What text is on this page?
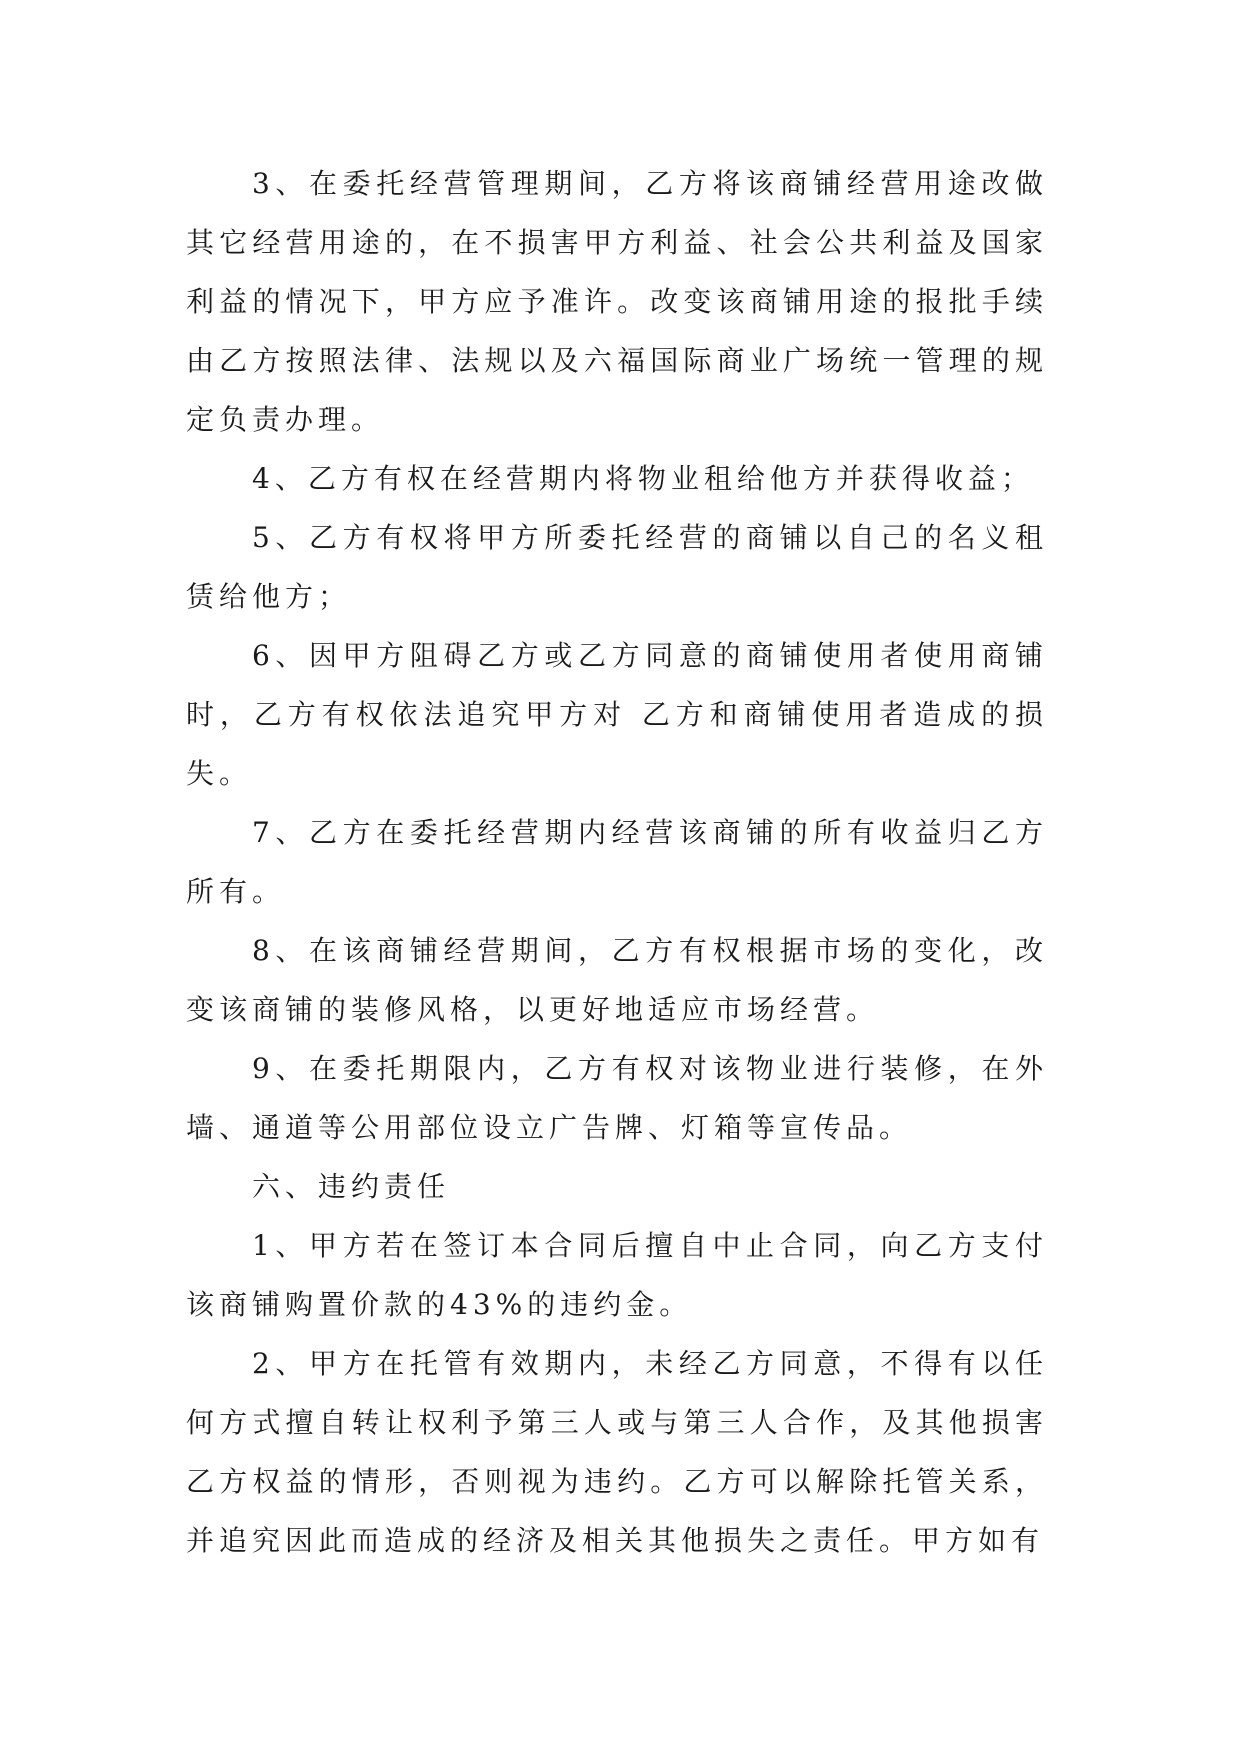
3、在委托经营管理期间，乙方将该商铺经营用途改做其它经营用途的，在不损害甲方利益、社会公共利益及国家利益的情况下，甲方应予准许。改变该商铺用途的报批手续由乙方按照法律、法规以及六福国际商业广场统一管理的规定负责办理。

4、乙方有权在经营期内将物业租给他方并获得收益；

5、乙方有权将甲方所委托经营的商铺以自己的名义租赁给他方；

6、因甲方阻碍乙方或乙方同意的商铺使用者使用商铺时，乙方有权依法追究甲方对 乙方和商铺使用者造成的损失。

7、乙方在委托经营期内经营该商铺的所有收益归乙方所有。

8、在该商铺经营期间，乙方有权根据市场的变化，改变该商铺的装修风格，以更好地适应市场经营。

9、在委托期限内，乙方有权对该物业进行装修，在外墙、通道等公用部位设立广告牌、灯箱等宣传品。

六、违约责任

1、甲方若在签订本合同后擅自中止合同，向乙方支付该商铺购置价款的43%的违约金。

2、甲方在托管有效期内，未经乙方同意，不得有以任何方式擅自转让权利予第三人或与第三人合作，及其他损害乙方权益的情形，否则视为违约。乙方可以解除托管关系，并追究因此而造成的经济及相关其他损失之责任。甲方如有
